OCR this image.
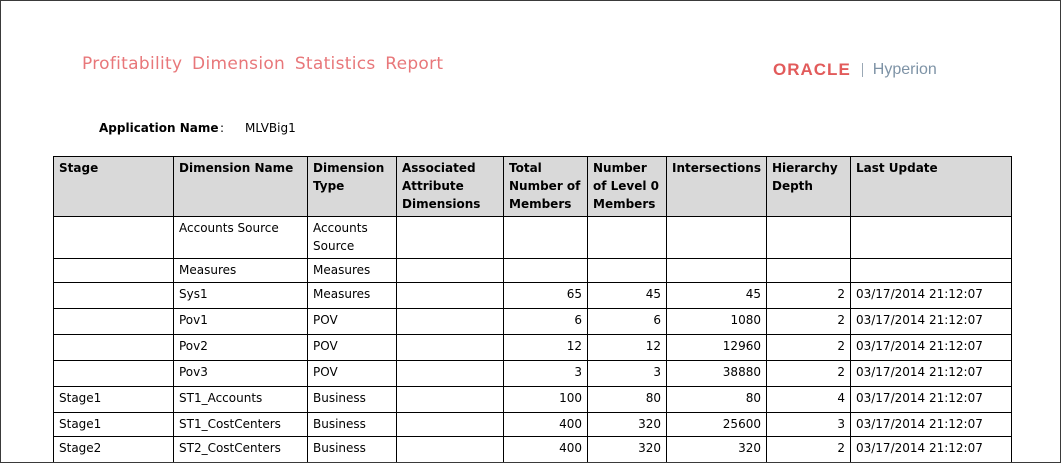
Profitability Dimension Statistics Report	ORACLE Hyperion
Application Name :	MLVBig1
Stage	Dimension Name	Dimension Type	Associated Attribute Dimensions	Total Number of Members	Number of Level 0 Members	Intersections	Hierarchy Depth	Last Update
	Accounts Source	Accounts Source						
	Measures	Measures						
	Sys1	Measures		65	45	45	2	03/17/2014 21:12:07
	Pov1	POV		6	6	1080	2	03/17/2014 21:12:07
	Pov2	POV		12	12	12960	2	03/17/2014 21:12:07
	Pov3	POV		3	3	38880	2	03/17/2014 21:12:07
Stage1	ST1_Accounts	Business		100	80	80	4	03/17/2014 21:12:07
Stage1	ST1_CostCenters	Business		400	320	25600	3	03/17/2014 21:12:07
Stage2	ST2_CostCenters	Business		400	320	320	2	03/17/2014 21:12:07
